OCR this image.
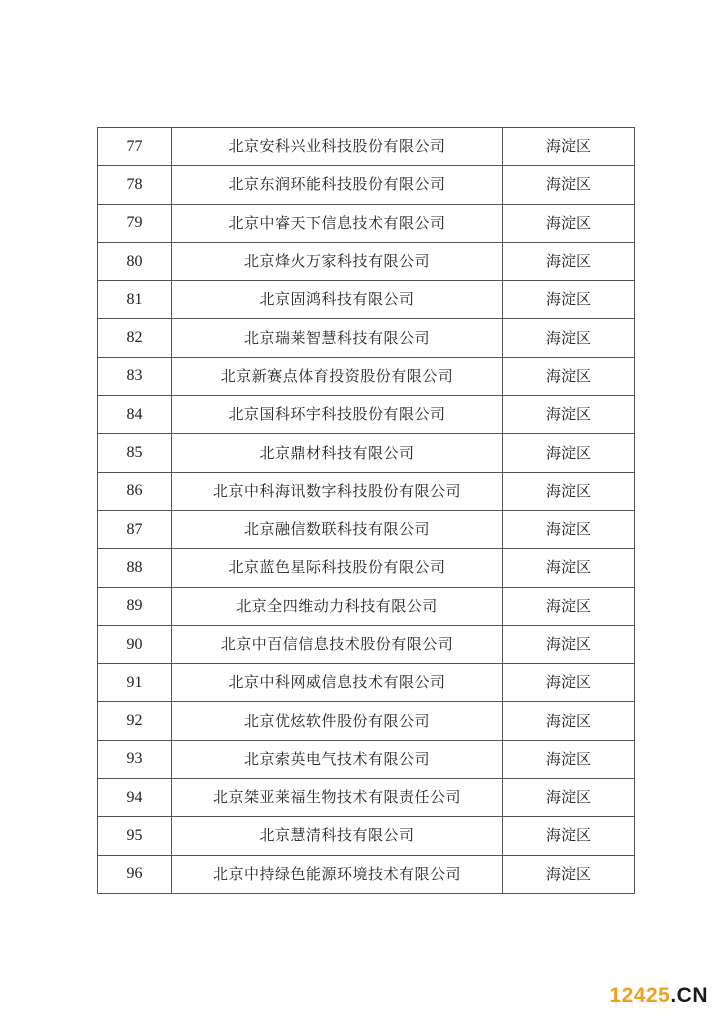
77	北京安科兴业科技股份有限公司	海淀区
78	北京东润环能科技股份有限公司	海淀区
79	北京中睿天下信息技术有限公司	海淀区
80	北京烽火万家科技有限公司	海淀区
81	北京固鸿科技有限公司	海淀区
82	北京瑞莱智慧科技有限公司	海淀区
83	北京新赛点体育投资股份有限公司	海淀区
84	北京国科环宇科技股份有限公司	海淀区
85	北京鼎材科技有限公司	海淀区
86	北京中科海讯数字科技股份有限公司	海淀区
87	北京融信数联科技有限公司	海淀区
88	北京蓝色星际科技股份有限公司	海淀区
89	北京全四维动力科技有限公司	海淀区
90	北京中百信信息技术股份有限公司	海淀区
91	北京中科网威信息技术有限公司	海淀区
92	北京优炫软件股份有限公司	海淀区
93	北京索英电气技术有限公司	海淀区
94	北京桀亚莱福生物技术有限责任公司	海淀区
95	北京慧清科技有限公司	海淀区
96	北京中持绿色能源环境技术有限公司	海淀区
12425.CN
